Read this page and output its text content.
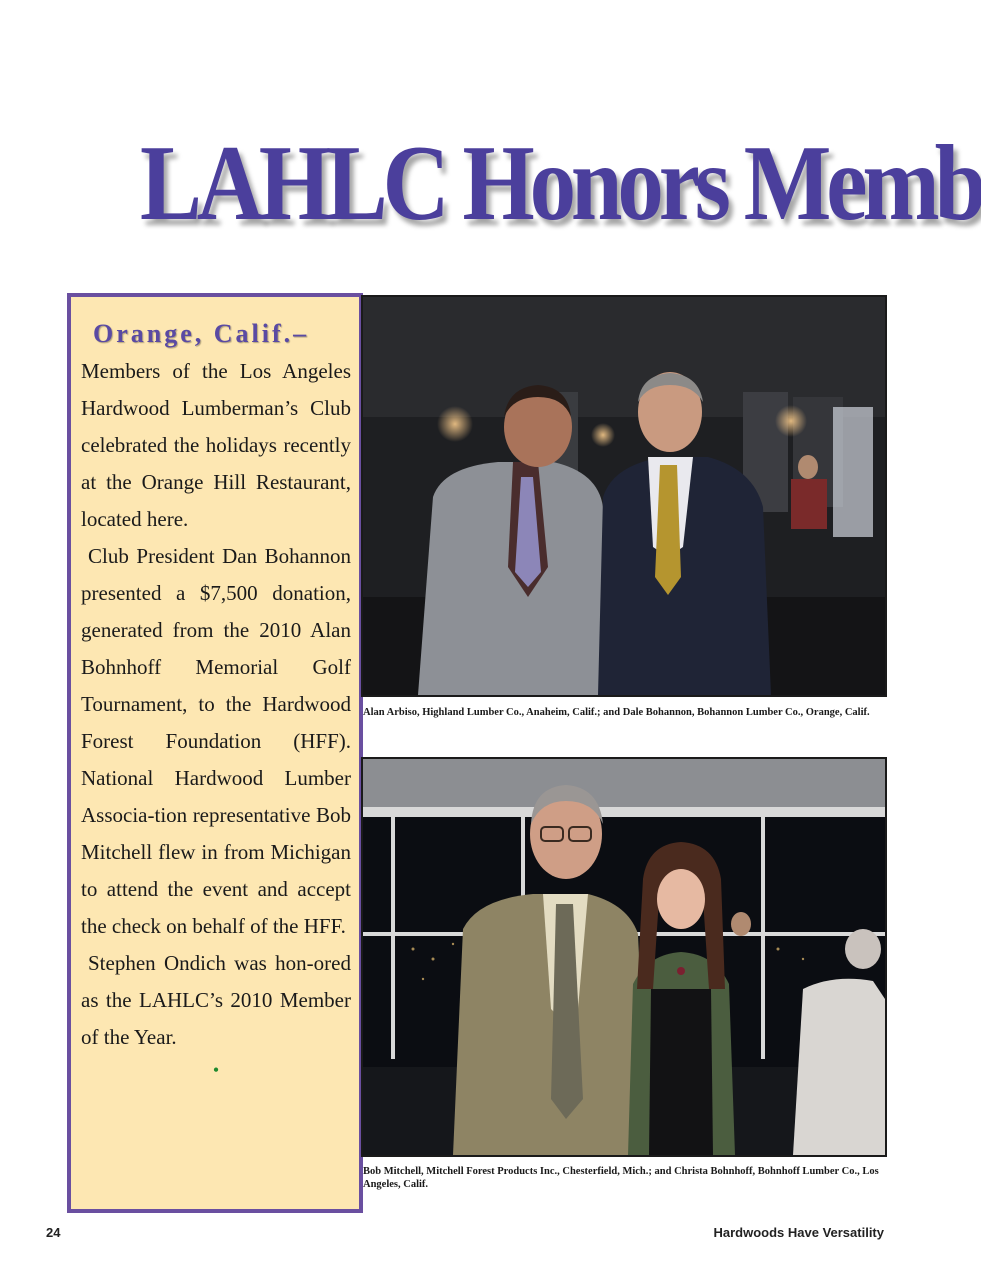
LAHLC Honors Memb
Orange, Calif.–

Members of the Los Angeles Hardwood Lumberman’s Club celebrated the holidays recently at the Orange Hill Restaurant, located here.

Club President Dan Bohannon presented a $7,500 donation, generated from the 2010 Alan Bohnhoff Memorial Golf Tournament, to the Hardwood Forest Foundation (HFF). National Hardwood Lumber Associa-tion representative Bob Mitchell flew in from Michigan to attend the event and accept the check on behalf of the HFF.

Stephen Ondich was hon-ored as the LAHLC’s 2010 Member of the Year.

•
Alan Arbiso, Highland Lumber Co., Anaheim, Calif.; and Dale Bohannon, Bohannon Lumber Co., Orange, Calif.
Bob Mitchell, Mitchell Forest Products Inc., Chesterfield, Mich.; and Christa Bohnhoff, Bohnhoff Lumber Co., Los Angeles, Calif.
24	Hardwoods Have Versatility
